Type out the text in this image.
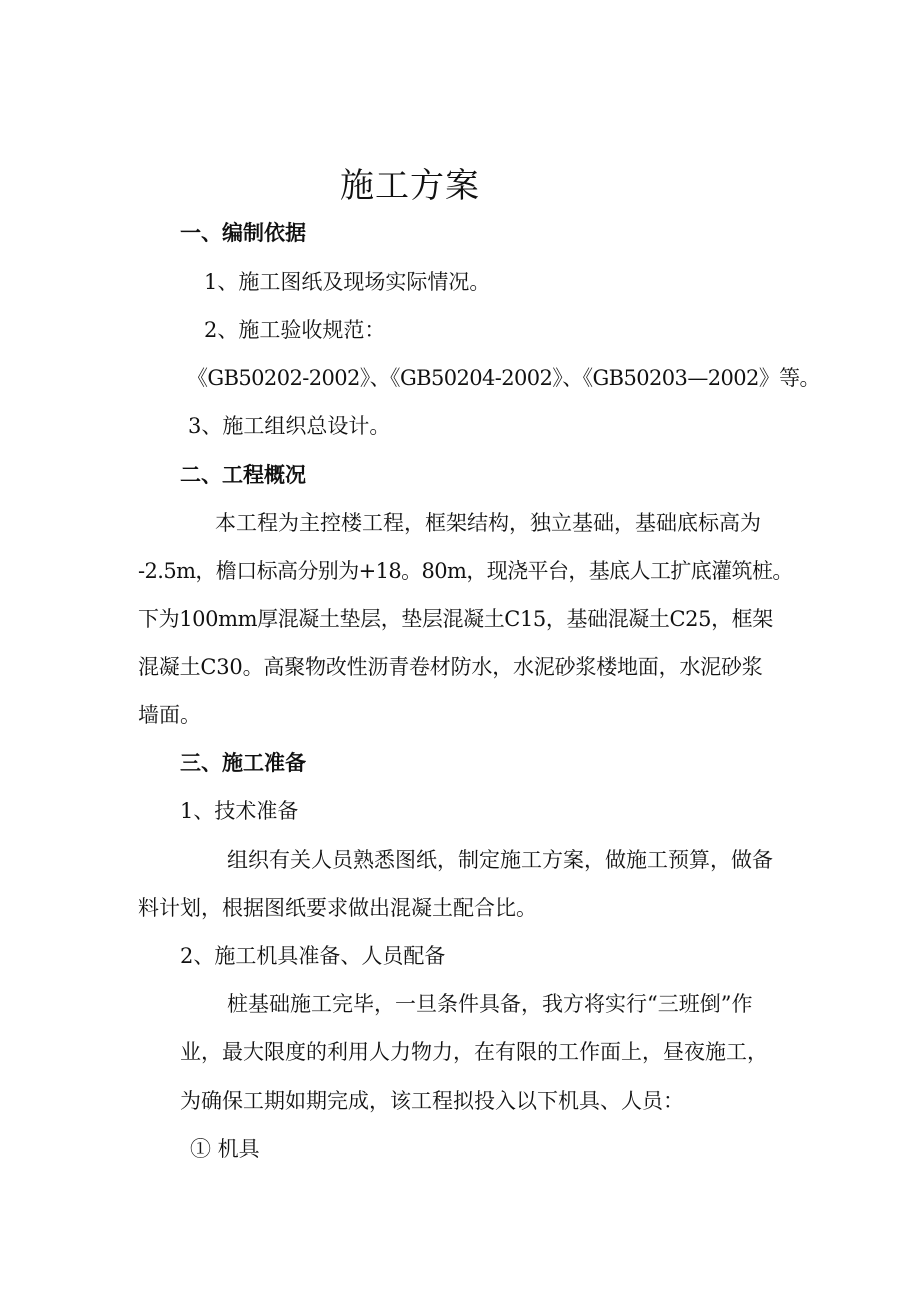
施工方案
一、编制依据
1、施工图纸及现场实际情况。
2、施工验收规范：
《GB50202-2002》、《GB50204-2002》、《GB50203—2002》等。
3、施工组织总设计。
二、工程概况
本工程为主控楼工程，框架结构，独立基础，基础底标高为
-2.5m，檐口标高分别为+18。80m，现浇平台，基底人工扩底灌筑桩。
下为100mm厚混凝土垫层，垫层混凝土C15，基础混凝土C25，框架
混凝土C30。高聚物改性沥青卷材防水，水泥砂浆楼地面，水泥砂浆
墙面。
三、施工准备
1、技术准备
组织有关人员熟悉图纸，制定施工方案，做施工预算，做备
料计划，根据图纸要求做出混凝土配合比。
2、施工机具准备、人员配备
桩基础施工完毕，一旦条件具备，我方将实行“三班倒”作
业，最大限度的利用人力物力，在有限的工作面上，昼夜施工，
为确保工期如期完成，该工程拟投入以下机具、人员：
① 机具
